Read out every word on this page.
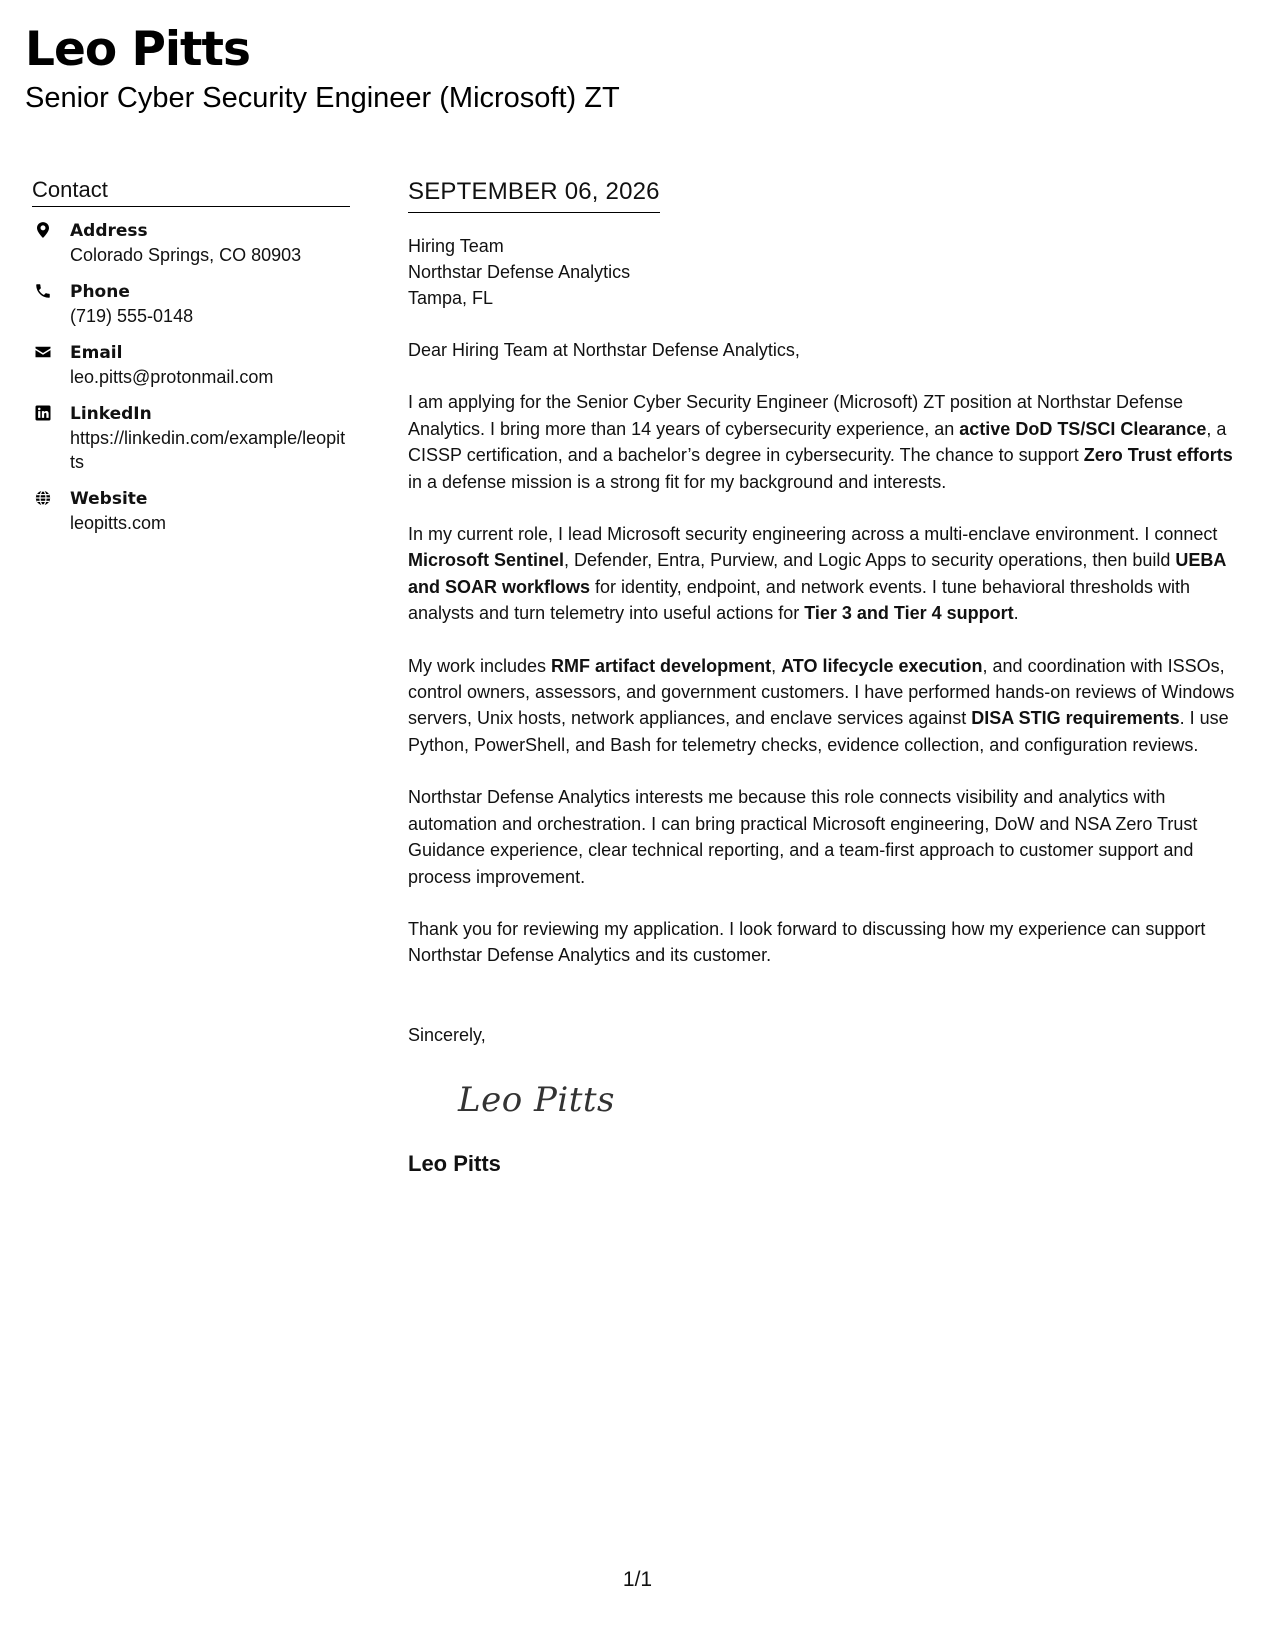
Leo Pitts
Senior Cyber Security Engineer (Microsoft) ZT
Contact
Address
Colorado Springs, CO 80903
Phone
(719) 555-0148
Email
leo.pitts@protonmail.com
LinkedIn
https://linkedin.com/example/leopitts
Website
leopitts.com
SEPTEMBER 06, 2026
Hiring Team
Northstar Defense Analytics
Tampa, FL
Dear Hiring Team at Northstar Defense Analytics,

I am applying for the Senior Cyber Security Engineer (Microsoft) ZT position at Northstar Defense Analytics. I bring more than 14 years of cybersecurity experience, an active DoD TS/SCI Clearance, a CISSP certification, and a bachelor’s degree in cybersecurity. The chance to support Zero Trust efforts in a defense mission is a strong fit for my background and interests.

In my current role, I lead Microsoft security engineering across a multi-enclave environment. I connect Microsoft Sentinel, Defender, Entra, Purview, and Logic Apps to security operations, then build UEBA and SOAR workflows for identity, endpoint, and network events. I tune behavioral thresholds with analysts and turn telemetry into useful actions for Tier 3 and Tier 4 support.

My work includes RMF artifact development, ATO lifecycle execution, and coordination with ISSOs, control owners, assessors, and government customers. I have performed hands-on reviews of Windows servers, Unix hosts, network appliances, and enclave services against DISA STIG requirements. I use Python, PowerShell, and Bash for telemetry checks, evidence collection, and configuration reviews.

Northstar Defense Analytics interests me because this role connects visibility and analytics with automation and orchestration. I can bring practical Microsoft engineering, DoW and NSA Zero Trust Guidance experience, clear technical reporting, and a team-first approach to customer support and process improvement.

Thank you for reviewing my application. I look forward to discussing how my experience can support Northstar Defense Analytics and its customer.

Sincerely,
Leo Pitts
Leo Pitts
1/1
